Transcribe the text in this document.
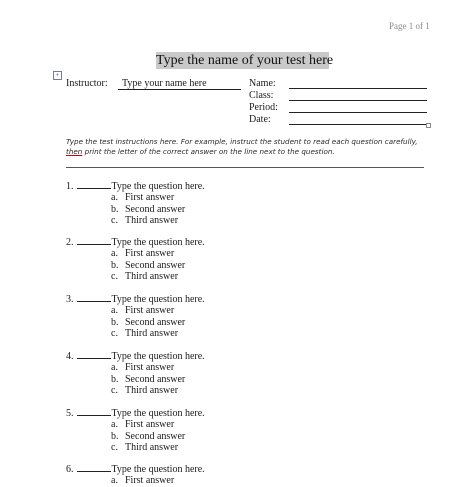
Page 1 of 1
Type the name of your test here
+
Instructor: Type your name here	Name:
Class:
Period:
Date:
Type the test instructions here. For example, instruct the student to read each question carefully, then print the letter of the correct answer on the line next to the question.
1.	Type the question here.
a. First answer
b. Second answer
c. Third answer
2.	Type the question here.
a. First answer
b. Second answer
c. Third answer
3.	Type the question here.
a. First answer
b. Second answer
c. Third answer
4.	Type the question here.
a. First answer
b. Second answer
c. Third answer
5.	Type the question here.
a. First answer
b. Second answer
c. Third answer
6.	Type the question here.
a. First answer
